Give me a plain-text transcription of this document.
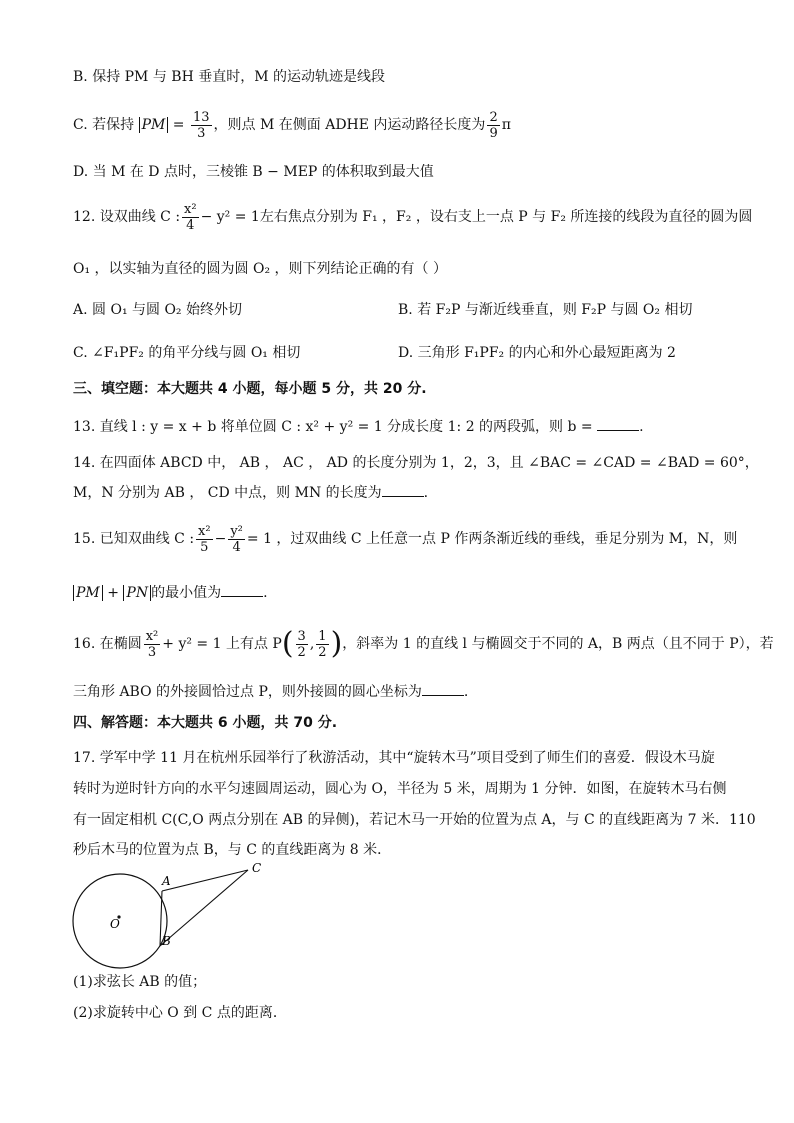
B. 保持 PM 与 BH 垂直时，M 的运动轨迹是线段
C. 若保持 PM = $\frac{13}{3}$ ，则点 M 在侧面 ADHE 内运动路径长度为 $\frac{2}{9}$ π
D. 当 M 在 D 点时，三棱锥 B − MEP 的体积取到最大值
12. 设双曲线 C : $\frac{\text{x²}}{4} - y^2 = 1$左右焦点分别为 F₁ ，F₂ ，设右支上一点 P 与 F₂ 所连接的线段为直径的圆为圆
O₁ ，以实轴为直径的圆为圆 O₂ ，则下列结论正确的有（ ）
A. 圆 O₁ 与圆 O₂ 始终外切	B. 若 F₂P 与渐近线垂直，则 F₂P 与圆 O₂ 相切
C. ∠F₁PF₂ 的角平分线与圆 O₁ 相切	D. 三角形 F₁PF₂ 的内心和外心最短距离为 2
三、填空题：本大题共 4 小题，每小题 5 分，共 20 分.
13. 直线 l : y = x + b 将单位圆 C : x² + y² = 1 分成长度 1: 2 的两段弧，则 b =	.
14. 在四面体 ABCD 中， AB ， AC ， AD 的长度分别为 1，2，3，且 ∠BAC = ∠CAD = ∠BAD = 60°，
M，N 分别为 AB ， CD 中点，则 MN 的长度为	.
15. 已知双曲线 C : $\frac{\text{x²}}{5} - \frac{\text{y²}}{4} = 1$ ，过双曲线 C 上任意一点 P 作两条渐近线的垂线，垂足分别为 M，N，则
PM + PN 的最小值为	.
16. 在椭圆 $\frac{\text{x²}}{3} + y^2 = 1$ 上有点 $P( \frac{3}{2}$ , $\frac{1}{2}$ )，斜率为 1 的直线 l 与椭圆交于不同的 A，B 两点（且不同于 P），若
三角形 ABO 的外接圆恰过点 P，则外接圆的圆心坐标为	.
四、解答题：本大题共 6 小题，共 70 分.
17. 学军中学 11 月在杭州乐园举行了秋游活动，其中“旋转木马”项目受到了师生们的喜爱．假设木马旋
转时为逆时针方向的水平匀速圆周运动，圆心为 O，半径为 5 米，周期为 1 分钟．如图，在旋转木马右侧
有一固定相机 C(C,O 两点分别在 AB 的异侧)，若记木马一开始的位置为点 A，与 C 的直线距离为 7 米．110
秒后木马的位置为点 B，与 C 的直线距离为 8 米．
A
B
C
O
(1)求弦长 AB 的值；
(2)求旋转中心 O 到 C 点的距离．
